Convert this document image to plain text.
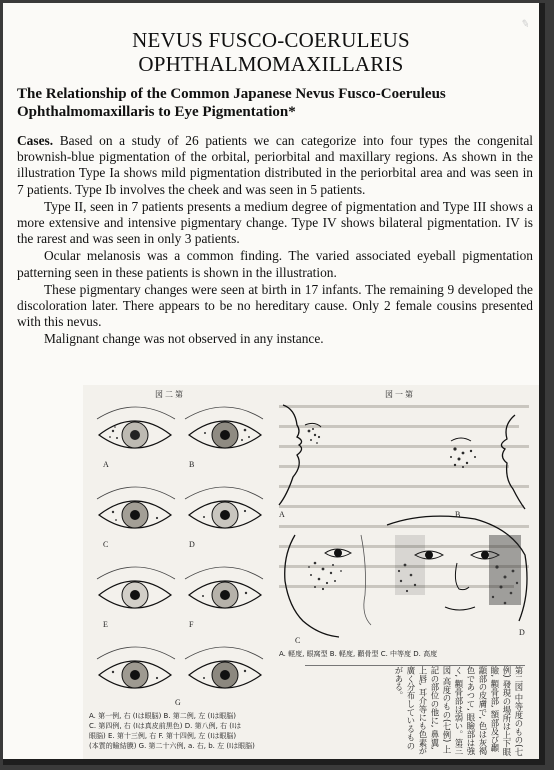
✎
NEVUS FUSCO-COERULEUS
OPHTHALMOMAXILLARIS
The Relationship of the Common Japanese Nevus Fusco-Coeruleus Ophthalmomaxillaris to Eye Pigmentation*

Cases. Based on a study of 26 patients we can categorize into four types the congenital brownish-blue pigmentation of the orbital, periorbital and maxillary regions. As shown in the illustration Type Ia shows mild pigmentation distributed in the periorbital area and was seen in 7 patients. Type Ib involves the cheek and was seen in 5 patients.

Type II, seen in 7 patients presents a medium degree of pigmentation and Type III shows a more extensive and intensive pigmentary change. Type IV shows bilateral pigmentation. IV is the rarest and was seen in only 3 patients.

Ocular melanosis was a common finding. The varied associated eyeball pigmentation patterning seen in these patients is shown in the illustration.

These pigmentary changes were seen at birth in 17 infants. The remaining 9 developed the discoloration later. There appears to be no hereditary cause. Only 2 female cousins presented with this nevus.

Malignant change was not observed in any instance.

図 二 第
A	B
C	D
E	F
G
A. 第一例, 右 (Iは眼脳) B. 第二例, 左 (Iは眼脳)
C. 第四例, 右 (Iは真皮前黒色) D. 第八例, 右 (Iは
眼脳) E. 第十三例, 右 F. 第十四例, 左 (Iは眼脳)
(本質的瞼結膜) G. 第二十六例, a. 右, b. 左 (Iは眼脳)
図 一 第
A	B
C
D
A. 軽度, 眼窩型 B. 軽度, 顴骨型 C. 中等度 D. 高度
第二図 中等度のもの(七例) 發現の場所は上下眼瞼, 顴骨部, 額部及び顳顬部の皮膚で, 色は灰褐色であつて, 眼瞼部は強く, 顴骨部は弱い。第三図 高度のもの(七例) 上記の部位の他に, 鼻翼, 上唇, 耳介等にも色素が廣く分布しているものがある。
